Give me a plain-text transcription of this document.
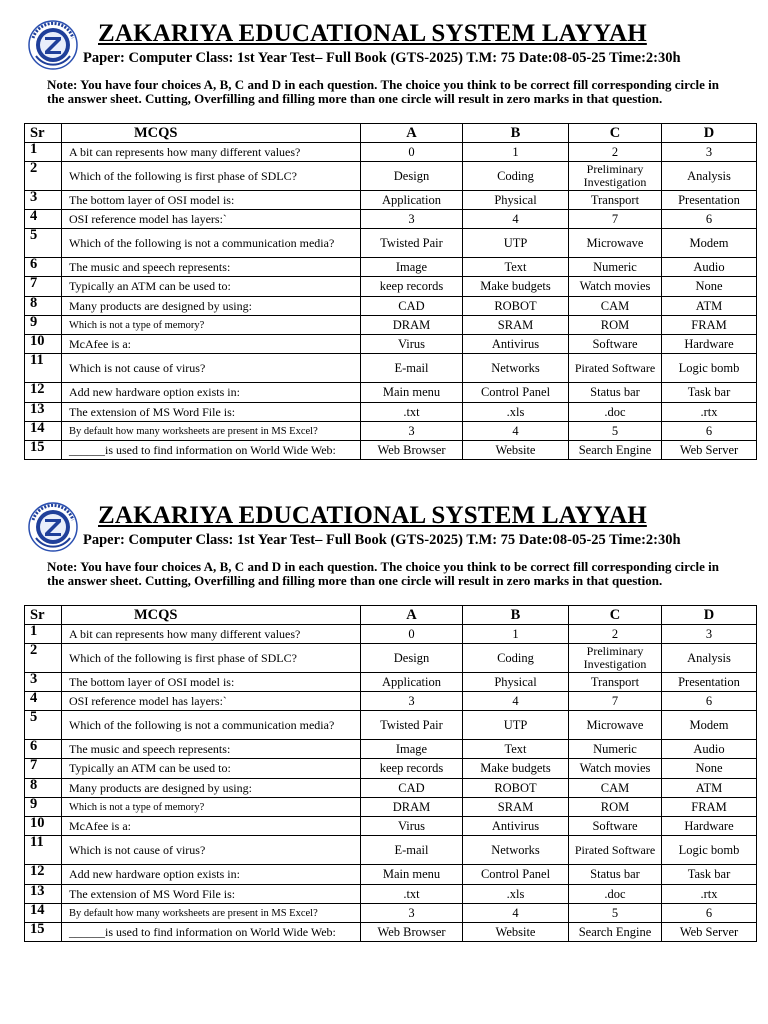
ZAKARIYA EDUCATIONAL SYSTEM LAYYAH
Paper: Computer Class: 1st Year Test– Full Book (GTS-2025) T.M: 75 Date:08-05-25 Time:2:30h
Note: You have four choices A, B, C and D in each question. The choice you think to be correct fill corresponding circle in the answer sheet. Cutting, Overfilling and filling more than one circle will result in zero marks in that question.
Sr	MCQS	A	B	C	D
1	A bit can represents how many different values?	0	1	2	3
2	Which of the following is first phase of SDLC?	Design	Coding	Preliminary Investigation	Analysis
3	The bottom layer of OSI model is:	Application	Physical	Transport	Presentation
4	OSI reference model has layers:`	3	4	7	6
5	Which of the following is not a communication media?	Twisted Pair	UTP	Microwave	Modem
6	The music and speech represents:	Image	Text	Numeric	Audio
7	Typically an ATM can be used to:	keep records	Make budgets	Watch movies	None
8	Many products are designed by using:	CAD	ROBOT	CAM	ATM
9	Which is not a type of memory?	DRAM	SRAM	ROM	FRAM
10	McAfee is a:	Virus	Antivirus	Software	Hardware
11	Which is not cause of virus?	E-mail	Networks	Pirated Software	Logic bomb
12	Add new hardware option exists in:	Main menu	Control Panel	Status bar	Task bar
13	The extension of MS Word File is:	.txt	.xls	.doc	.rtx
14	By default how many worksheets are present in MS Excel?	3	4	5	6
15	______is used to find information on World Wide Web:	Web Browser	Website	Search Engine	Web Server
ZAKARIYA EDUCATIONAL SYSTEM LAYYAH
Paper: Computer Class: 1st Year Test– Full Book (GTS-2025) T.M: 75 Date:08-05-25 Time:2:30h
Note: You have four choices A, B, C and D in each question. The choice you think to be correct fill corresponding circle in the answer sheet. Cutting, Overfilling and filling more than one circle will result in zero marks in that question.
Sr	MCQS	A	B	C	D
1	A bit can represents how many different values?	0	1	2	3
2	Which of the following is first phase of SDLC?	Design	Coding	Preliminary Investigation	Analysis
3	The bottom layer of OSI model is:	Application	Physical	Transport	Presentation
4	OSI reference model has layers:`	3	4	7	6
5	Which of the following is not a communication media?	Twisted Pair	UTP	Microwave	Modem
6	The music and speech represents:	Image	Text	Numeric	Audio
7	Typically an ATM can be used to:	keep records	Make budgets	Watch movies	None
8	Many products are designed by using:	CAD	ROBOT	CAM	ATM
9	Which is not a type of memory?	DRAM	SRAM	ROM	FRAM
10	McAfee is a:	Virus	Antivirus	Software	Hardware
11	Which is not cause of virus?	E-mail	Networks	Pirated Software	Logic bomb
12	Add new hardware option exists in:	Main menu	Control Panel	Status bar	Task bar
13	The extension of MS Word File is:	.txt	.xls	.doc	.rtx
14	By default how many worksheets are present in MS Excel?	3	4	5	6
15	______is used to find information on World Wide Web:	Web Browser	Website	Search Engine	Web Server
